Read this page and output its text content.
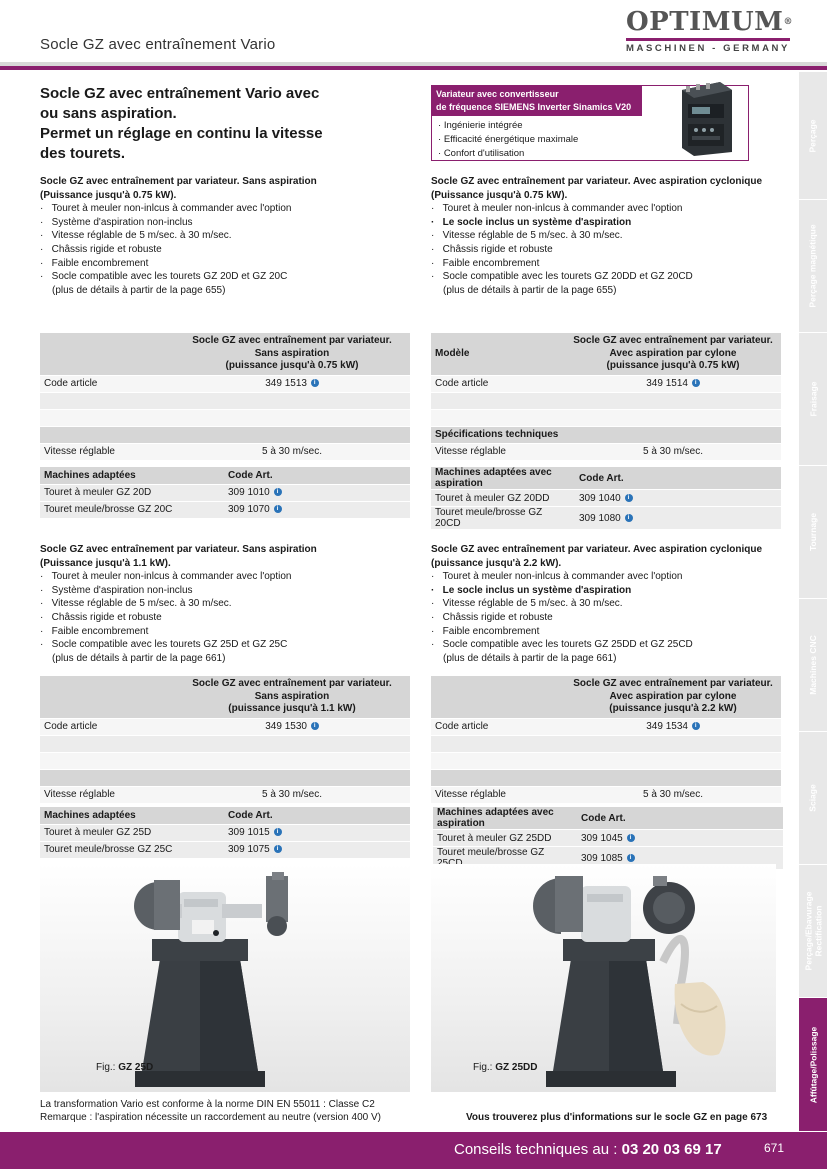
Socle GZ avec entraînement Vario
OPTIMUM®
MASCHINEN - GERMANY
Perçage
Perçage magnétique
Fraisage
Tournage
Machines CNC
Sciage
Perçage/Ebavurage Rectification
Affûtage/Polissage
Socle GZ avec entraînement Vario avec
ou sans aspiration.
Permet un réglage en continu la vitesse
des tourets.
Variateur avec convertisseur
de fréquence SIEMENS Inverter Sinamics V20
· Ingénierie intégrée
· Efficacité énergétique maximale
· Confort d'utilisation
Socle GZ avec entraînement par variateur. Sans aspiration
(Puissance jusqu'à 0.75 kW).
·   Touret à meuler non-inlcus à commander avec l'option
·   Système d'aspiration non-inclus
·   Vitesse réglable de 5 m/sec. à 30 m/sec.
·   Châssis rigide et robuste
·   Faible encombrement
·   Socle compatible avec les tourets GZ 20D et GZ 20C
(plus de détails à partir de la page 655)
Socle GZ avec entraînement par variateur. Avec aspiration cyclonique
(Puissance jusqu'à 0.75 kW).
·   Touret à meuler non-inlcus à commander avec l'option
·   Le socle inclus un système d'aspiration
·   Vitesse réglable de 5 m/sec. à 30 m/sec.
·   Châssis rigide et robuste
·   Faible encombrement
·   Socle compatible avec les tourets GZ 20DD et GZ 20CD
(plus de détails à partir de la page 655)

	Socle GZ avec entraînement par variateur.
Sans aspiration
(puissance jusqu'à 0.75 kW)

Code article	349 1513 i

Vitesse réglable	5 à 30 m/sec.
Modèle	Socle GZ avec entraînement par variateur.
Avec aspiration par cylone
(puissance jusqu'à 0.75 kW)

Code article	349 1514 i

Spécifications techniques	
Vitesse réglable	5 à 30 m/sec.
Machines adaptées	Code Art.	
Touret à meuler GZ 20D	309 1010 i	
Touret meule/brosse GZ 20C	309 1070 i	
Machines adaptées avec aspiration	Code Art.	
Touret à meuler GZ 20DD	309 1040 i	
Touret meule/brosse GZ 20CD	309 1080 i	
Socle GZ avec entraînement par variateur. Sans aspiration
(Puissance jusqu'à 1.1 kW).
·   Touret à meuler non-inlcus à commander avec l'option
·   Système d'aspiration non-inclus
·   Vitesse réglable de 5 m/sec. à 30 m/sec.
·   Châssis rigide et robuste
·   Faible encombrement
·   Socle compatible avec les tourets GZ 25D et GZ 25C
(plus de détails à partir de la page 661)
Socle GZ avec entraînement par variateur. Avec aspiration cyclonique
(puissance jusqu'à 2.2 kW).
·   Touret à meuler non-inlcus à commander avec l'option
·   Le socle inclus un système d'aspiration
·   Vitesse réglable de 5 m/sec. à 30 m/sec.
·   Châssis rigide et robuste
·   Faible encombrement
·   Socle compatible avec les tourets GZ 25DD et GZ 25CD
(plus de détails à partir de la page 661)

	Socle GZ avec entraînement par variateur.
Sans aspiration
(puissance jusqu'à 1.1 kW)

Code article	349 1530 i

Vitesse réglable	5 à 30 m/sec.

	Socle GZ avec entraînement par variateur.
Avec aspiration par cylone
(puissance jusqu'à 2.2 kW)

Code article	349 1534 i

Vitesse réglable	5 à 30 m/sec.
Machines adaptées	Code Art.	
Touret à meuler GZ 25D	309 1015 i	
Touret meule/brosse GZ 25C	309 1075 i	
Machines adaptées avec aspiration	Code Art.	
Touret à meuler GZ 25DD	309 1045 i	
Touret meule/brosse GZ	309 1085 i	
Fig.: GZ 25D	Fig.: GZ 25DD
La transformation Vario est conforme à la norme DIN EN 55011 : Classe C2
Remarque : l'aspiration nécessite un raccordement au neutre (version 400 V)	Vous trouverez plus d'informations sur le socle GZ en page 673
Conseils techniques au : 03 20 03 69 17	671
